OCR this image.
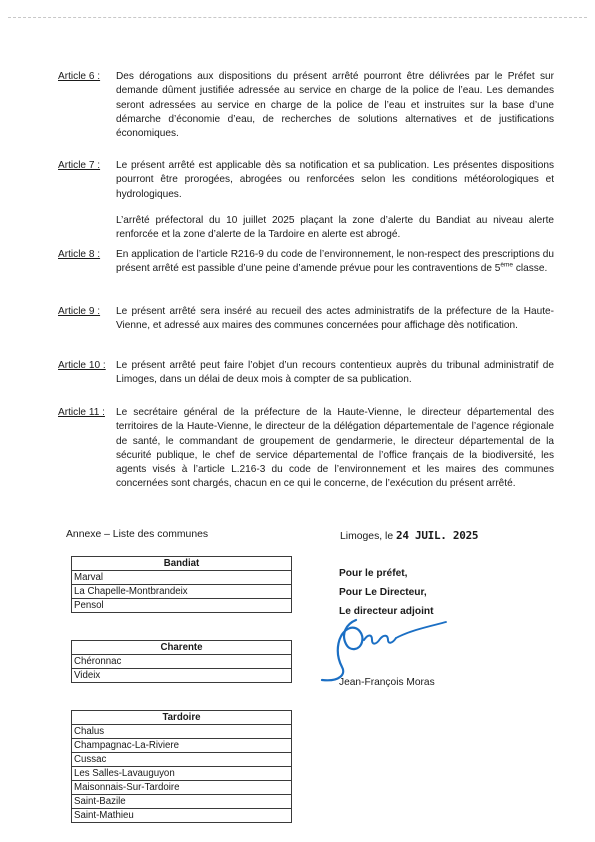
Article 6 : Des dérogations aux dispositions du présent arrêté pourront être délivrées par le Préfet sur demande dûment justifiée adressée au service en charge de la police de l’eau. Les demandes seront adressées au service en charge de la police de l’eau et instruites sur la base d’une démarche d’économie d’eau, de recherches de solutions alternatives et de justifications économiques.

Article 7 : Le présent arrêté est applicable dès sa notification et sa publication. Les présentes dispositions pourront être prorogées, abrogées ou renforcées selon les conditions météorologiques et hydrologiques.

L’arrêté préfectoral du 10 juillet 2025 plaçant la zone d’alerte du Bandiat au niveau alerte renforcée et la zone d’alerte de la Tardoire en alerte est abrogé.

Article 8 : En application de l’article R216-9 du code de l’environnement, le non-respect des prescriptions du présent arrêté est passible d’une peine d’amende prévue pour les contraventions de 5ème classe.

Article 9 : Le présent arrêté sera inséré au recueil des actes administratifs de la préfecture de la Haute-Vienne, et adressé aux maires des communes concernées pour affichage dès notification.

Article 10 : Le présent arrêté peut faire l’objet d’un recours contentieux auprès du tribunal administratif de Limoges, dans un délai de deux mois à compter de sa publication.

Article 11 : Le secrétaire général de la préfecture de la Haute-Vienne, le directeur départemental des territoires de la Haute-Vienne, le directeur de la délégation départementale de l’agence régionale de santé, le commandant de groupement de gendarmerie, le directeur départemental de la sécurité publique, le chef de service départemental de l’office français de la biodiversité, les agents visés à l’article L.216-3 du code de l’environnement et les maires des communes concernées sont chargés, chacun en ce qui le concerne, de l’exécution du présent arrêté.

Annexe – Liste des communes
Bandiat
Marval
La Chapelle-Montbrandeix
Pensol
Charente
Chéronnac
Videix
Tardoire
Chalus
Champagnac-La-Riviere
Cussac
Les Salles-Lavauguyon
Maisonnais-Sur-Tardoire
Saint-Bazile
Saint-Mathieu
Limoges, le 24 JUIL. 2025
Pour le préfet,
Pour Le Directeur,
Le directeur adjoint
Jean-François Moras
